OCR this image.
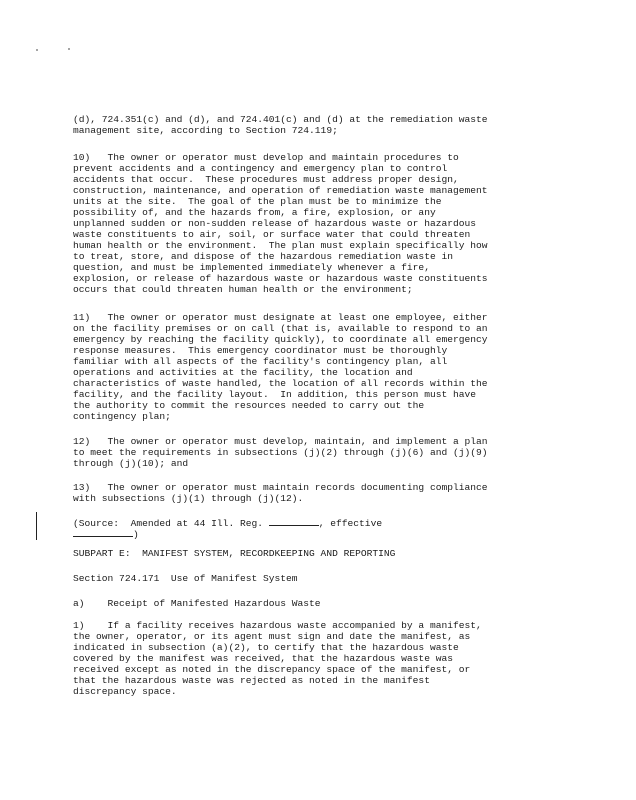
(d), 724.351(c) and (d), and 724.401(c) and (d) at the remediation waste
management site, according to Section 724.119;
10)   The owner or operator must develop and maintain procedures to
prevent accidents and a contingency and emergency plan to control
accidents that occur.  These procedures must address proper design,
construction, maintenance, and operation of remediation waste management
units at the site.  The goal of the plan must be to minimize the
possibility of, and the hazards from, a fire, explosion, or any
unplanned sudden or non-sudden release of hazardous waste or hazardous
waste constituents to air, soil, or surface water that could threaten
human health or the environment.  The plan must explain specifically how
to treat, store, and dispose of the hazardous remediation waste in
question, and must be implemented immediately whenever a fire,
explosion, or release of hazardous waste or hazardous waste constituents
occurs that could threaten human health or the environment;
11)   The owner or operator must designate at least one employee, either
on the facility premises or on call (that is, available to respond to an
emergency by reaching the facility quickly), to coordinate all emergency
response measures.  This emergency coordinator must be thoroughly
familiar with all aspects of the facility's contingency plan, all
operations and activities at the facility, the location and
characteristics of waste handled, the location of all records within the
facility, and the facility layout.  In addition, this person must have
the authority to commit the resources needed to carry out the
contingency plan;
12)   The owner or operator must develop, maintain, and implement a plan
to meet the requirements in subsections (j)(2) through (j)(6) and (j)(9)
through (j)(10); and
13)   The owner or operator must maintain records documenting compliance
with subsections (j)(1) through (j)(12).
(Source:  Amended at 44 Ill. Reg.	, effective
)
SUBPART E:  MANIFEST SYSTEM, RECORDKEEPING AND REPORTING
Section 724.171  Use of Manifest System
a)    Receipt of Manifested Hazardous Waste
1)    If a facility receives hazardous waste accompanied by a manifest,
the owner, operator, or its agent must sign and date the manifest, as
indicated in subsection (a)(2), to certify that the hazardous waste
covered by the manifest was received, that the hazardous waste was
received except as noted in the discrepancy space of the manifest, or
that the hazardous waste was rejected as noted in the manifest
discrepancy space.
